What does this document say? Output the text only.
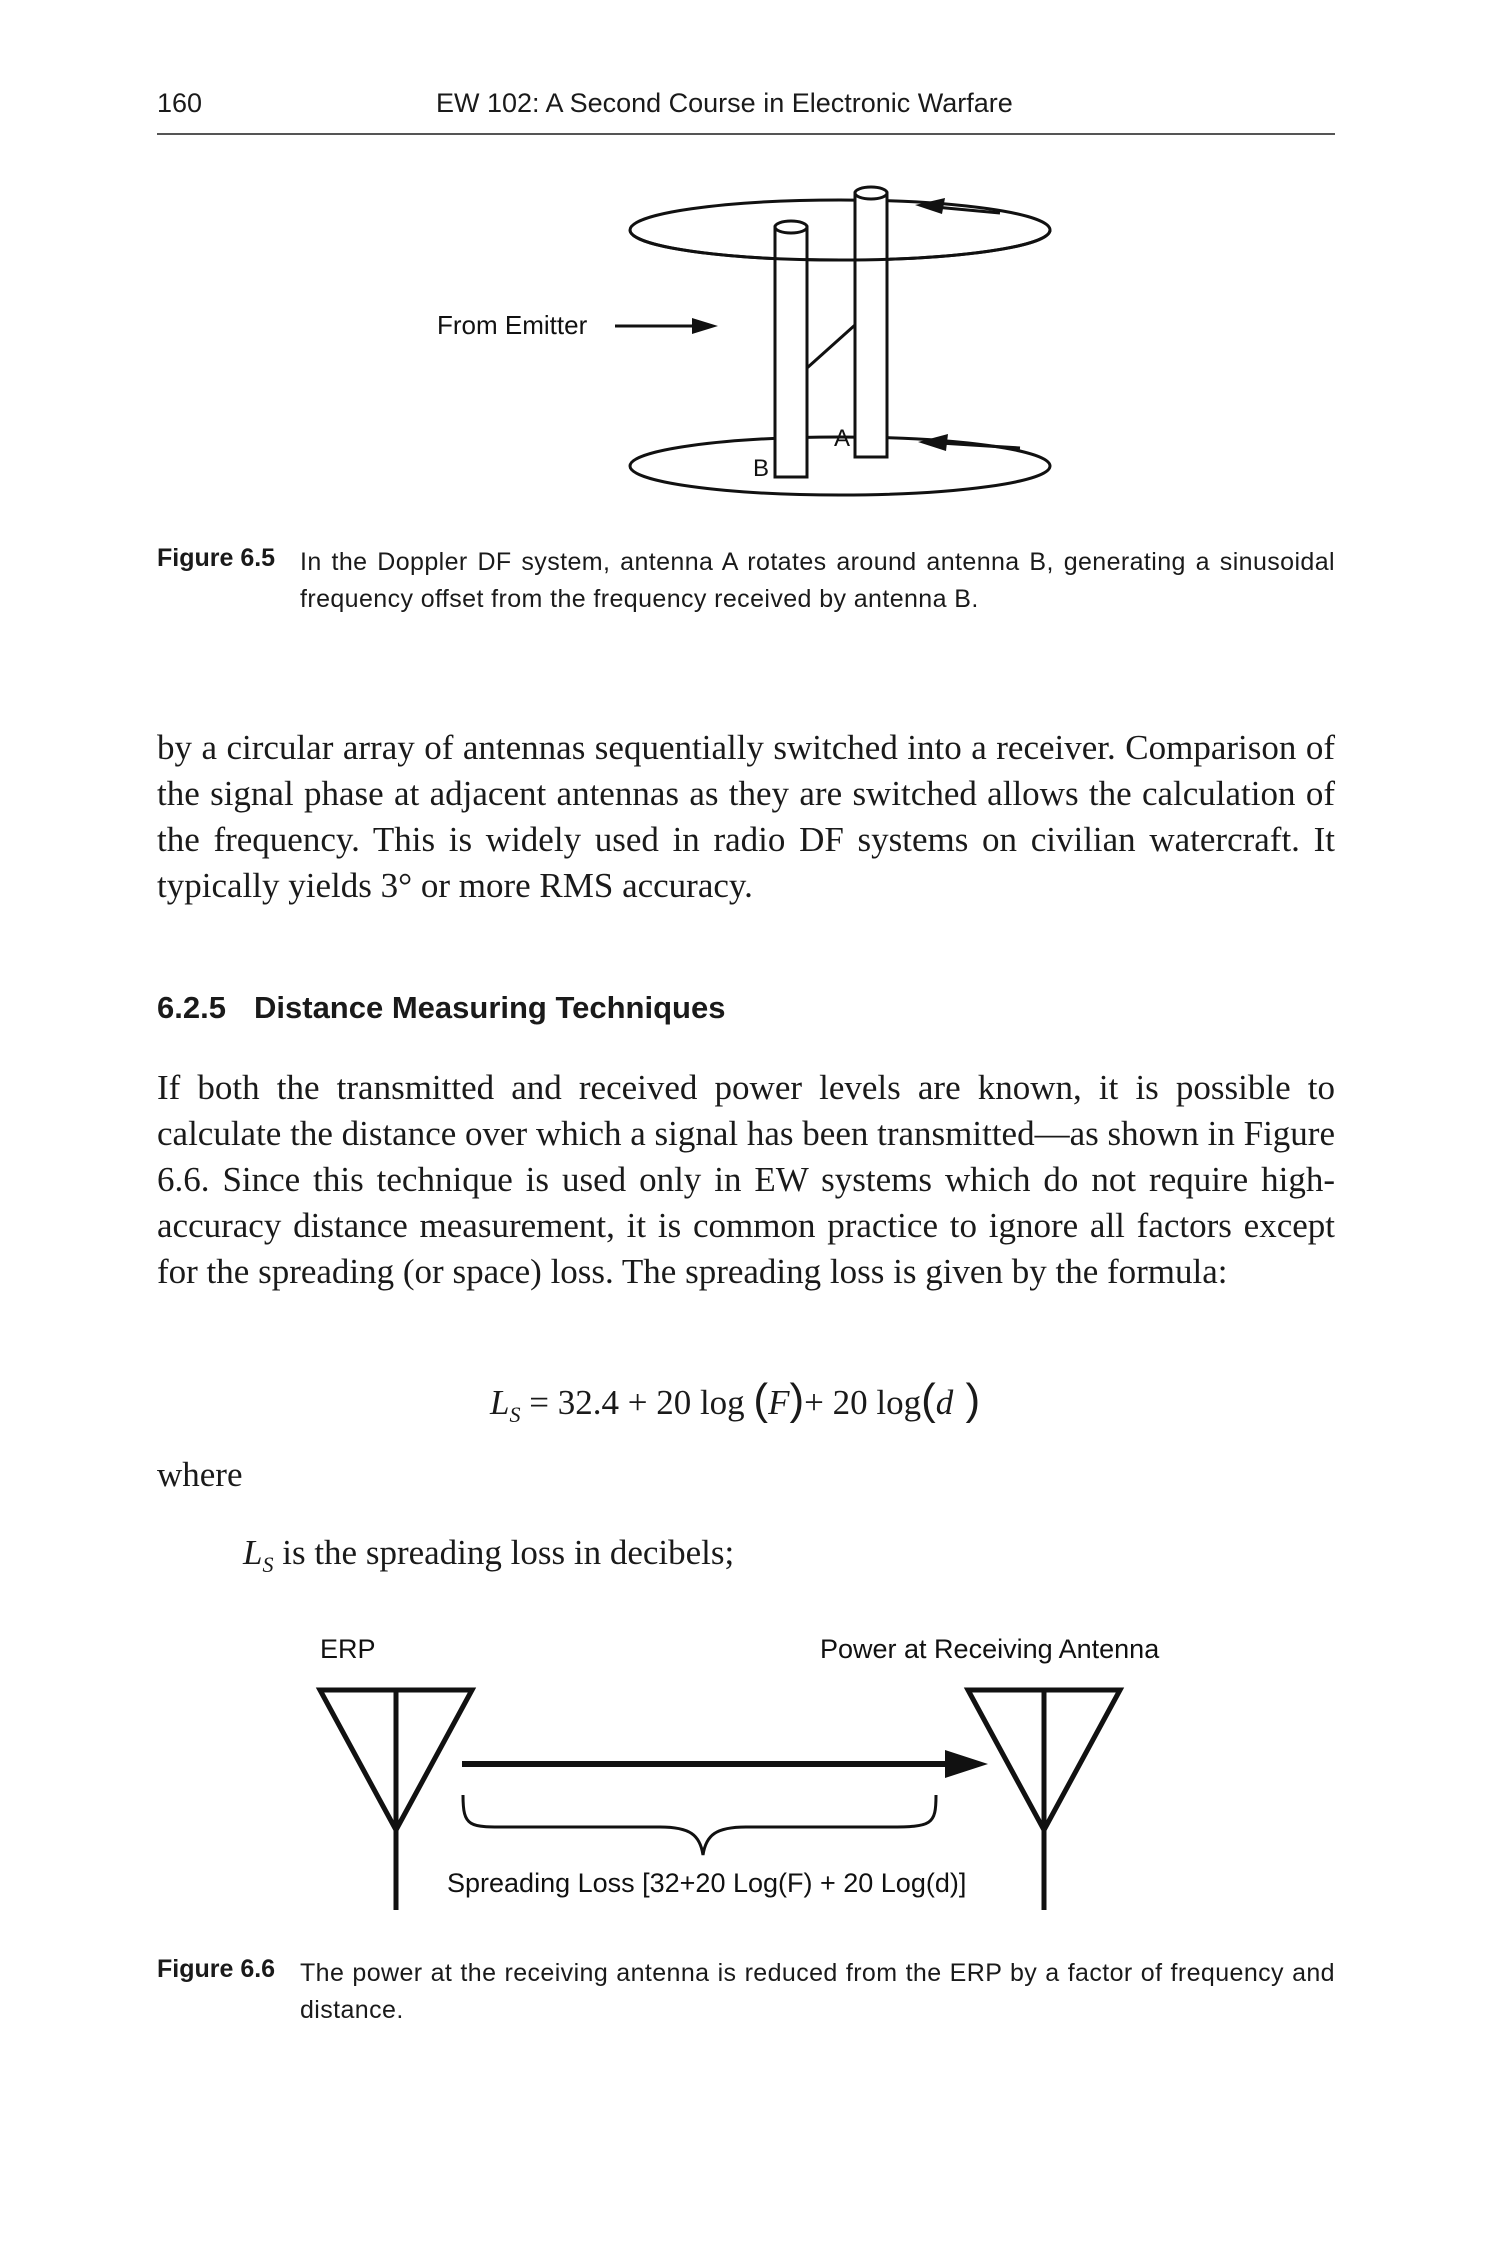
160	EW 102: A Second Course in Electronic Warfare
From Emitter
A
B
Figure 6.5 In the Doppler DF system, antenna A rotates around antenna B, generating a sinusoidal frequency offset from the frequency received by antenna B.
by a circular array of antennas sequentially switched into a receiver. Comparison of the signal phase at adjacent antennas as they are switched allows the calculation of the frequency. This is widely used in radio DF systems on civilian watercraft. It typically yields 3° or more RMS accuracy.
6.2.5 Distance Measuring Techniques
If both the transmitted and received power levels are known, it is possible to calculate the distance over which a signal has been transmitted—as shown in Figure 6.6. Since this technique is used only in EW systems which do not require high-accuracy distance measurement, it is common practice to ignore all factors except for the spreading (or space) loss. The spreading loss is given by the formula:
$L_S = 32.4 + 20$ log (F)+ 20 log(d )
where
$L_S$ is the spreading loss in decibels;
ERP	Power at Receiving Antenna
Spreading Loss [32+20 Log(F) + 20 Log(d)]
Figure 6.6 The power at the receiving antenna is reduced from the ERP by a factor of frequency and distance.
